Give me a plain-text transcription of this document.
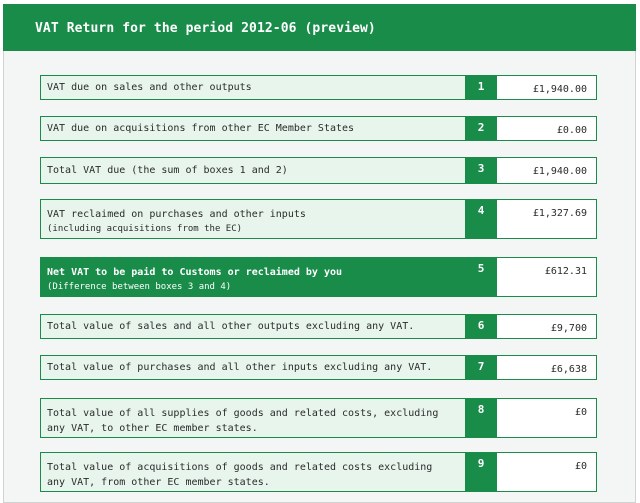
VAT Return for the period 2012-06 (preview)
VAT due on sales and other outputs	1	£1,940.00
VAT due on acquisitions from other EC Member States	2	£0.00
Total VAT due (the sum of boxes 1 and 2)	3	£1,940.00
VAT reclaimed on purchases and other inputs
(including acquisitions from the EC)
4	£1,327.69
Net VAT to be paid to Customs or reclaimed by you
(Difference between boxes 3 and 4)
5	£612.31
Total value of sales and all other outputs excluding any VAT.	6	£9,700
Total value of purchases and all other inputs excluding any VAT.	7	£6,638
Total value of all supplies of goods and related costs, excluding
any VAT, to other EC member states.
8	£0
Total value of acquisitions of goods and related costs excluding
any VAT, from other EC member states.
9	£0
